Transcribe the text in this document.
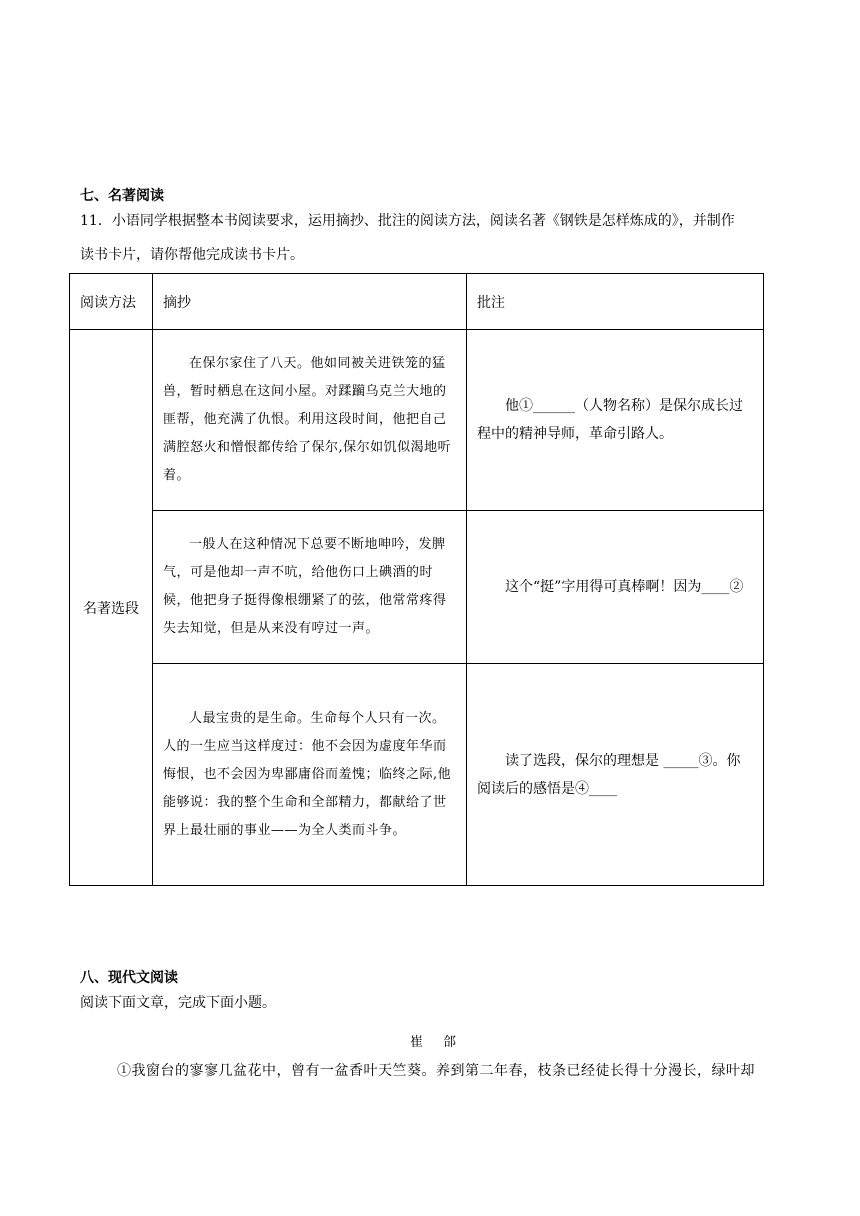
七、名著阅读
11．小语同学根据整本书阅读要求，运用摘抄、批注的阅读方法，阅读名著《钢铁是怎样炼成的》，并制作
读书卡片，请你帮他完成读书卡片。
阅读方法	摘抄	批注
名著选段	在保尔家住了八天。他如同被关进铁笼的猛兽，暂时栖息在这间小屋。对蹂躏乌克兰大地的匪帮，他充满了仇恨。利用这段时间，他把自己满腔怒火和憎恨都传给了保尔,保尔如饥似渴地听着。	他①______（人物名称）是保尔成长过程中的精神导师，革命引路人。

	一般人在这种情况下总要不断地呻吟，发脾气，可是他却一声不吭，给他伤口上碘酒的时候，他把身子挺得像根绷紧了的弦，他常常疼得失去知觉，但是从来没有哼过一声。	这个“挺”字用得可真棒啊！因为____②

	人最宝贵的是生命。生命每个人只有一次。人的一生应当这样度过：他不会因为虚度年华而悔恨，也不会因为卑鄙庸俗而羞愧；临终之际,他能够说：我的整个生命和全部精力，都献给了世界上最壮丽的事业——为全人类而斗争。	读了选段，保尔的理想是 _____③。你阅读后的感悟是④____
八、现代文阅读
阅读下面文章，完成下面小题。
崔 郃
①我窗台的寥寥几盆花中，曾有一盆香叶天竺葵。养到第二年春，枝条已经徒长得十分漫长，绿叶却
